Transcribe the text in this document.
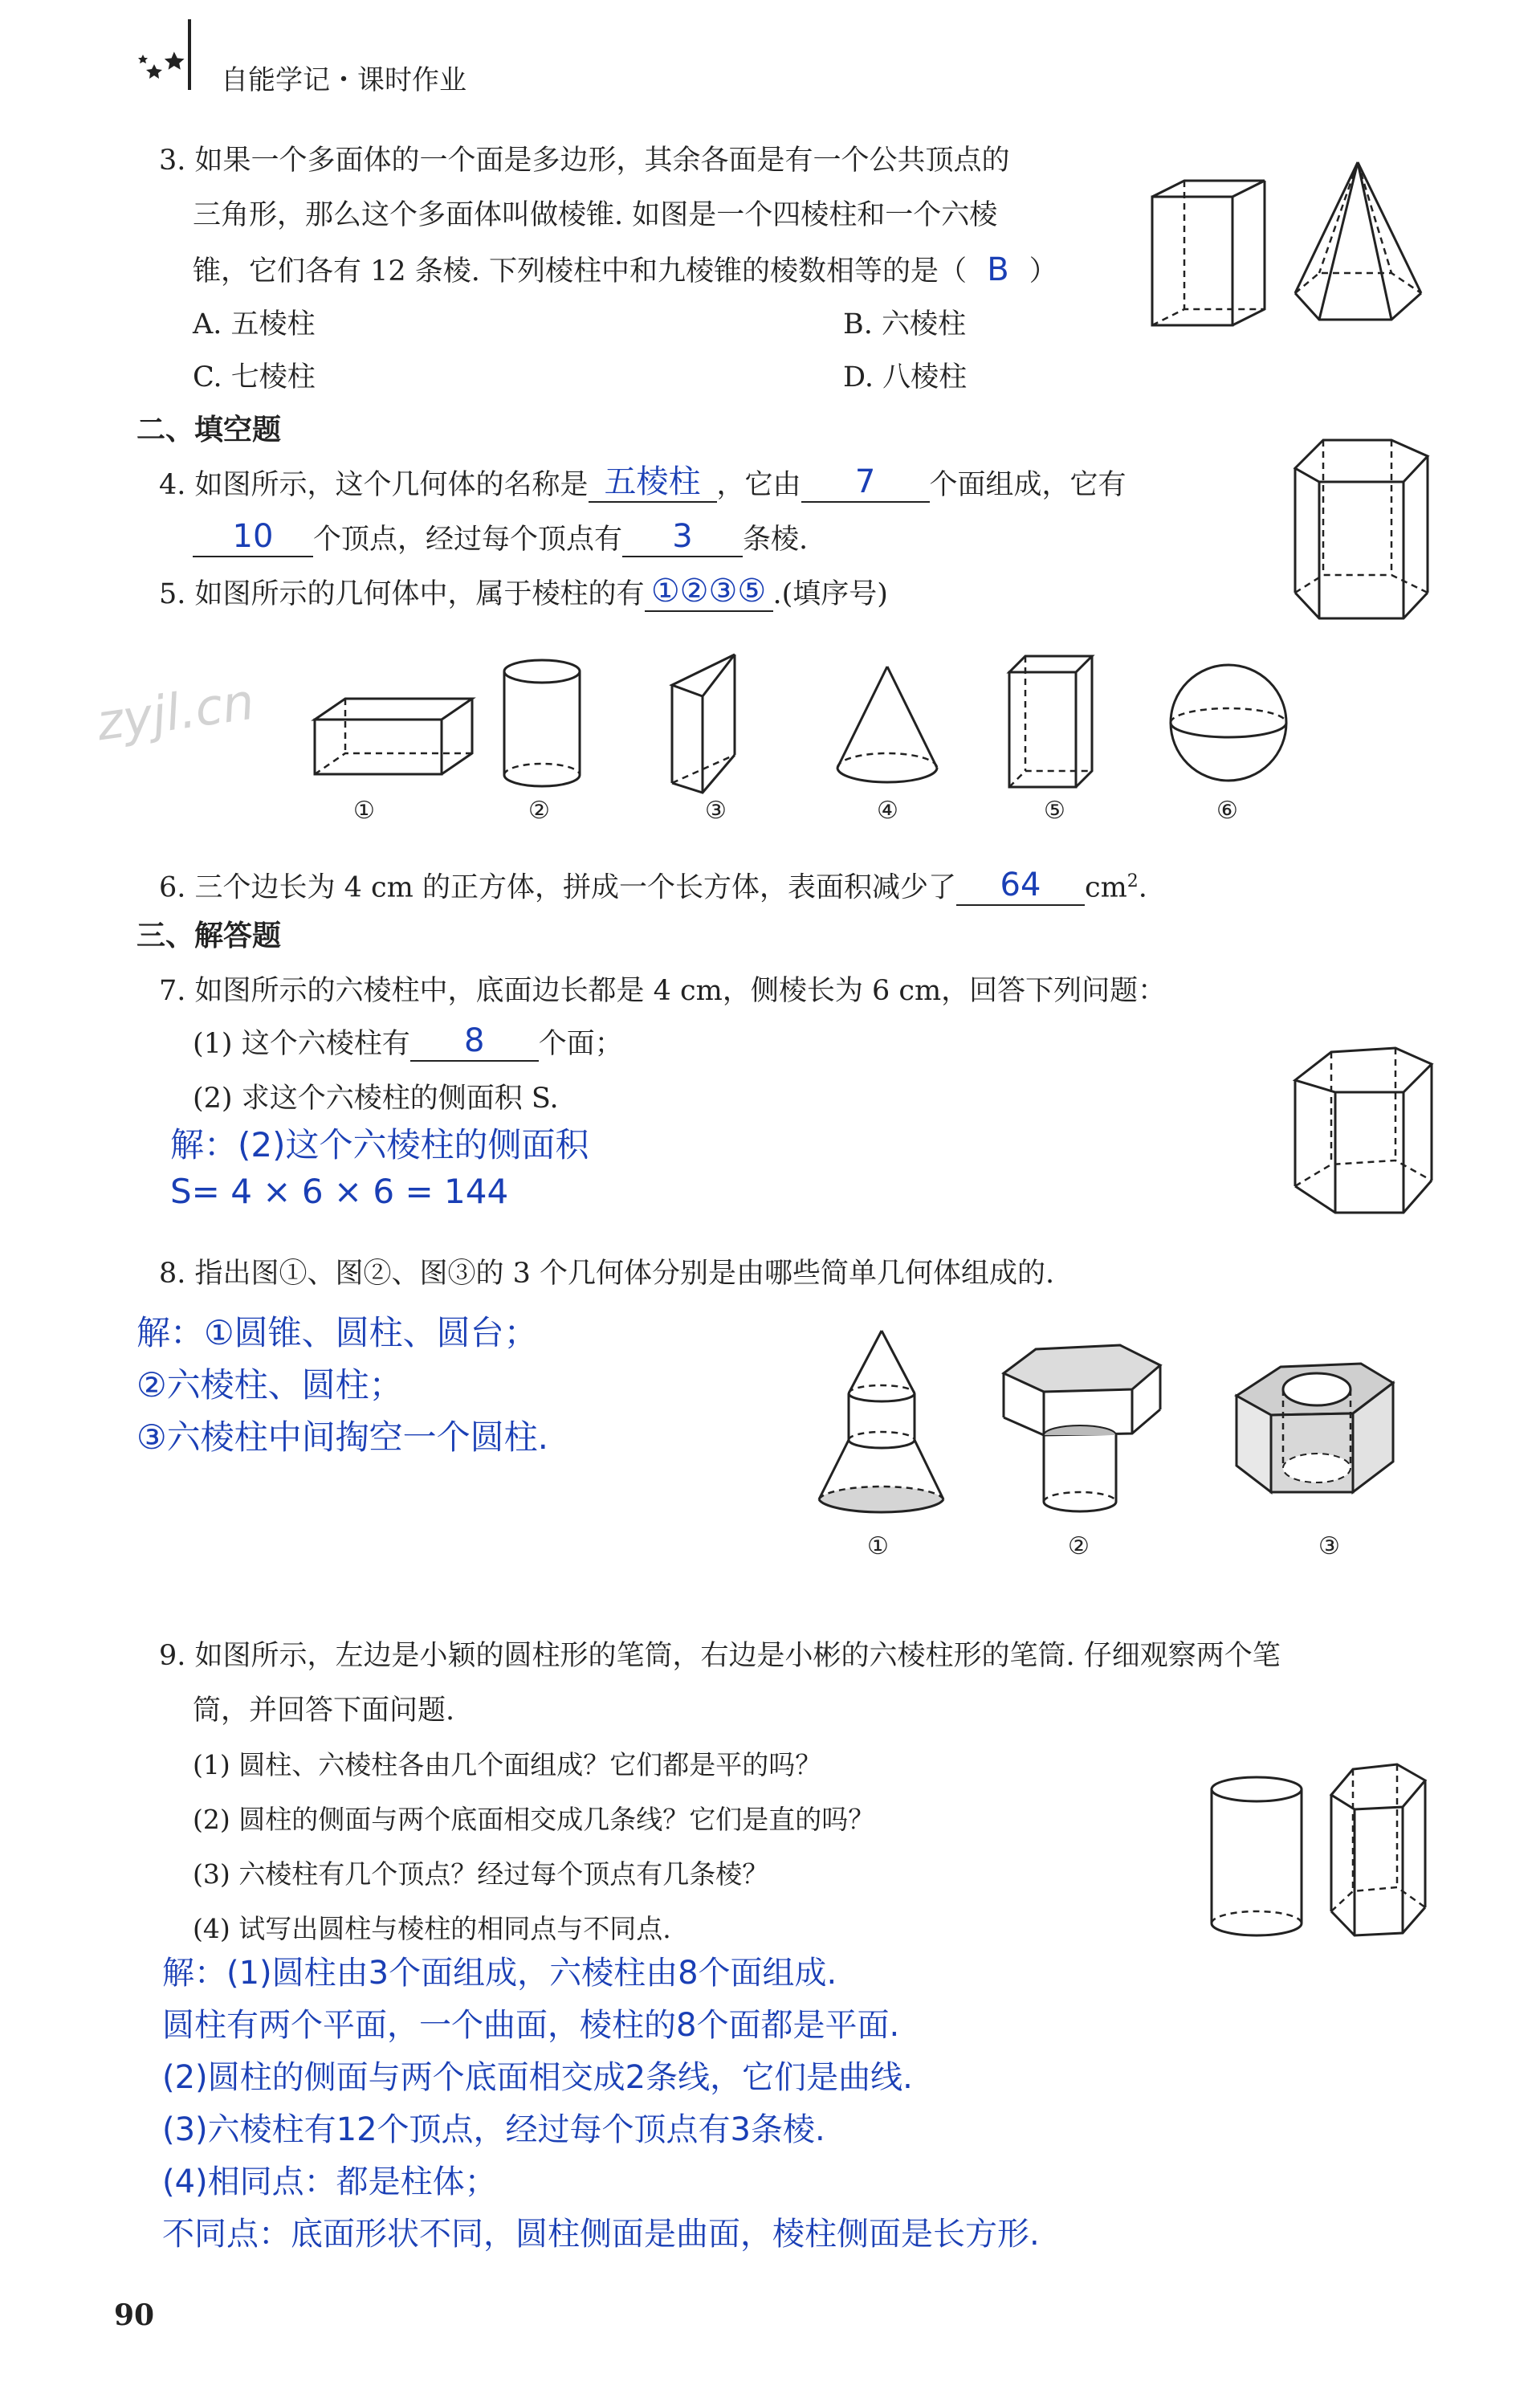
自能学记・课时作业
3. 如果一个多面体的一个面是多边形，其余各面是有一个公共顶点的
三角形，那么这个多面体叫做棱锥. 如图是一个四棱柱和一个六棱
锥，它们各有 12 条棱. 下列棱柱中和九棱锥的棱数相等的是（ B ）
A. 五棱柱	B. 六棱柱
C. 七棱柱	D. 八棱柱
二、填空题
4. 如图所示，这个几何体的名称是 五棱柱 ，它由	7	个面组成，它有
10	个顶点，经过每个顶点有	3	条棱.
5. 如图所示的几何体中，属于棱柱的有 ①②③⑤ .(填序号)
zyjl.cn
①	②	③	④	⑤	⑥
6. 三个边长为 4 cm 的正方体，拼成一个长方体，表面积减少了	64	$cm^2$.
三、解答题
7. 如图所示的六棱柱中，底面边长都是 4 cm，侧棱长为 6 cm，回答下列问题：
(1) 这个六棱柱有	8	个面；
(2) 求这个六棱柱的侧面积 S.
解：(2)这个六棱柱的侧面积
S= 4 × 6 × 6 = 144
8. 指出图①、图②、图③的 3 个几何体分别是由哪些简单几何体组成的.
解：①圆锥、圆柱、圆台；
②六棱柱、圆柱；
③六棱柱中间掏空一个圆柱.
①	②	③
9. 如图所示，左边是小颖的圆柱形的笔筒，右边是小彬的六棱柱形的笔筒. 仔细观察两个笔
筒，并回答下面问题.
(1) 圆柱、六棱柱各由几个面组成？它们都是平的吗？
(2) 圆柱的侧面与两个底面相交成几条线？它们是直的吗？
(3) 六棱柱有几个顶点？经过每个顶点有几条棱？
(4) 试写出圆柱与棱柱的相同点与不同点.
解：(1)圆柱由3个面组成，六棱柱由8个面组成.
圆柱有两个平面，一个曲面，棱柱的8个面都是平面.
(2)圆柱的侧面与两个底面相交成2条线，它们是曲线.
(3)六棱柱有12个顶点，经过每个顶点有3条棱.
(4)相同点：都是柱体；
不同点：底面形状不同，圆柱侧面是曲面，棱柱侧面是长方形.
90
